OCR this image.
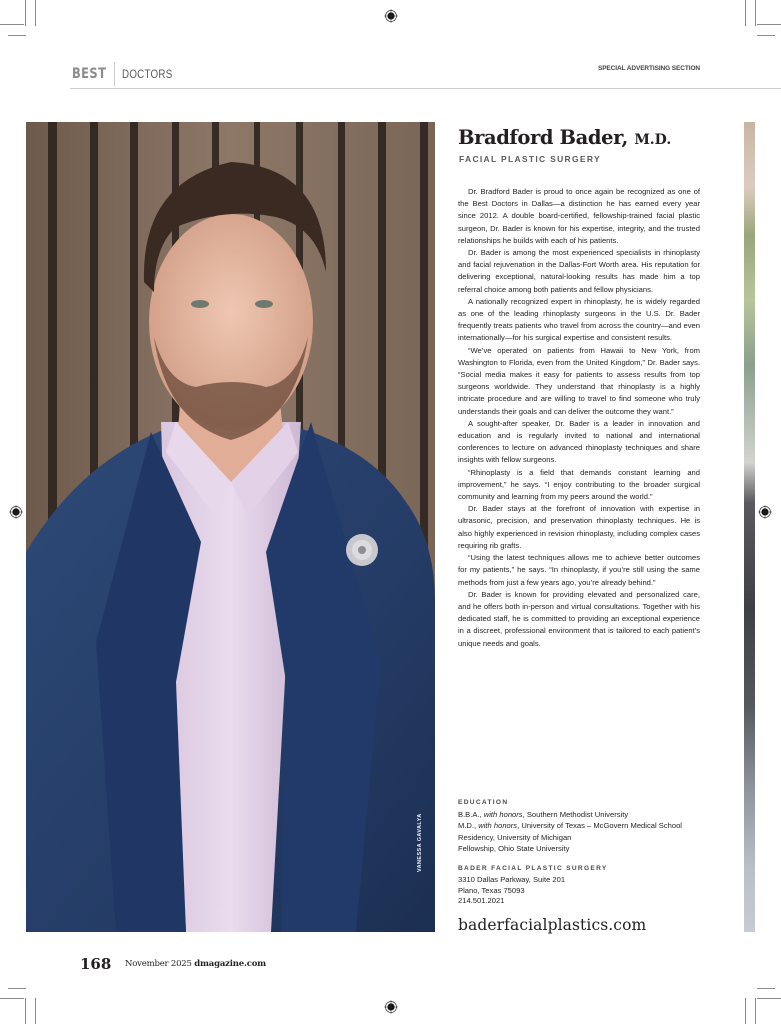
BEST DOCTORS
SPECIAL ADVERTISING SECTION
VANESSA GAVALYA
Bradford Bader, M.D.
FACIAL PLASTIC SURGERY

Dr. Bradford Bader is proud to once again be recognized as one of the Best Doctors in Dallas—a distinction he has earned every year since 2012. A double board-certified, fellowship-trained facial plastic surgeon, Dr. Bader is known for his expertise, integrity, and the trusted relationships he builds with each of his patients.

Dr. Bader is among the most experienced specialists in rhinoplasty and facial rejuvenation in the Dallas-Fort Worth area. His reputation for delivering exceptional, natural-looking results has made him a top referral choice among both patients and fellow physicians.

A nationally recognized expert in rhinoplasty, he is widely regarded as one of the leading rhinoplasty surgeons in the U.S. Dr. Bader frequently treats patients who travel from across the country—and even internationally—for his surgical expertise and consistent results.

“We’ve operated on patients from Hawaii to New York, from Washington to Florida, even from the United Kingdom,” Dr. Bader says. “Social media makes it easy for patients to assess results from top surgeons worldwide. They understand that rhinoplasty is a highly intricate procedure and are willing to travel to find someone who truly understands their goals and can deliver the outcome they want.”

A sought-after speaker, Dr. Bader is a leader in innovation and education and is regularly invited to national and international conferences to lecture on advanced rhinoplasty techniques and share insights with fellow surgeons.

“Rhinoplasty is a field that demands constant learning and improvement,” he says. “I enjoy contributing to the broader surgical community and learning from my peers around the world.”

Dr. Bader stays at the forefront of innovation with expertise in ultrasonic, precision, and preservation rhinoplasty techniques. He is also highly experienced in revision rhinoplasty, including complex cases requiring rib grafts.

“Using the latest techniques allows me to achieve better outcomes for my patients,” he says. “In rhinoplasty, if you’re still using the same methods from just a few years ago, you’re already behind.”

Dr. Bader is known for providing elevated and personalized care, and he offers both in-person and virtual consultations. Together with his dedicated staff, he is committed to providing an exceptional experience in a discreet, professional environment that is tailored to each patient’s unique needs and goals.

EDUCATION
B.B.A., with honors, Southern Methodist University
M.D., with honors, University of Texas – McGovern Medical School
Residency, University of Michigan
Fellowship, Ohio State University
BADER FACIAL PLASTIC SURGERY
3310 Dallas Parkway, Suite 201
Plano, Texas 75093
214.501.2021
baderfacialplastics.com
168 November 2025 dmagazine.com
